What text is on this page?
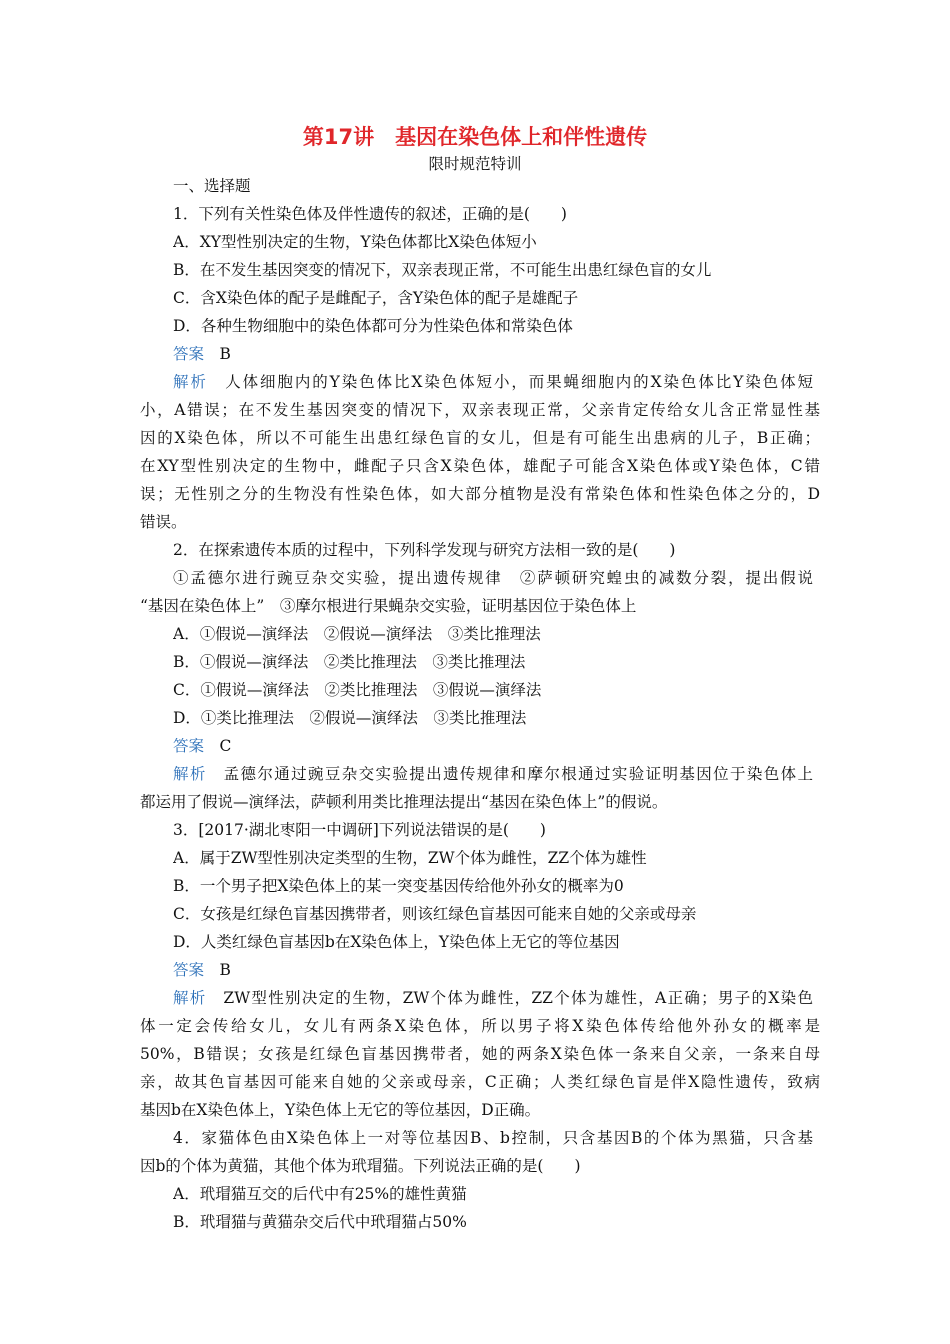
第17讲　基因在染色体上和伴性遗传
限时规范特训
一、选择题
1．下列有关性染色体及伴性遗传的叙述，正确的是(　　)
A．XY型性别决定的生物，Y染色体都比X染色体短小
B．在不发生基因突变的情况下，双亲表现正常，不可能生出患红绿色盲的女儿
C．含X染色体的配子是雌配子，含Y染色体的配子是雄配子
D．各种生物细胞中的染色体都可分为性染色体和常染色体
答案　 B
解析　 人体细胞内的Y染色体比X染色体短小，而果蝇细胞内的X染色体比Y染色体短
小，A错误；在不发生基因突变的情况下，双亲表现正常，父亲肯定传给女儿含正常显性基
因的X染色体，所以不可能生出患红绿色盲的女儿，但是有可能生出患病的儿子，B正确；
在XY型性别决定的生物中，雌配子只含X染色体，雄配子可能含X染色体或Y染色体，C错
误；无性别之分的生物没有性染色体，如大部分植物是没有常染色体和性染色体之分的，D
错误。
2．在探索遗传本质的过程中，下列科学发现与研究方法相一致的是(　　)
①孟德尔进行豌豆杂交实验，提出遗传规律　②萨顿研究蝗虫的减数分裂，提出假说
“基因在染色体上”　③摩尔根进行果蝇杂交实验，证明基因位于染色体上
A．①假说—演绎法　②假说—演绎法　③类比推理法
B．①假说—演绎法　②类比推理法　③类比推理法
C．①假说—演绎法　②类比推理法　③假说—演绎法
D．①类比推理法　②假说—演绎法　③类比推理法
答案　 C
解析　 孟德尔通过豌豆杂交实验提出遗传规律和摩尔根通过实验证明基因位于染色体上
都运用了假说—演绎法，萨顿利用类比推理法提出“基因在染色体上”的假说。
3．[2017·湖北枣阳一中调研]下列说法错误的是(　　)
A．属于ZW型性别决定类型的生物，ZW个体为雌性，ZZ个体为雄性
B．一个男子把X染色体上的某一突变基因传给他外孙女的概率为0
C．女孩是红绿色盲基因携带者，则该红绿色盲基因可能来自她的父亲或母亲
D．人类红绿色盲基因b在X染色体上，Y染色体上无它的等位基因
答案　 B
解析　 ZW型性别决定的生物，ZW个体为雌性，ZZ个体为雄性，A正确；男子的X染色
体一定会传给女儿，女儿有两条X染色体，所以男子将X染色体传给他外孙女的概率是
50%，B错误；女孩是红绿色盲基因携带者，她的两条X染色体一条来自父亲，一条来自母
亲，故其色盲基因可能来自她的父亲或母亲，C正确；人类红绿色盲是伴X隐性遗传，致病
基因b在X染色体上，Y染色体上无它的等位基因，D正确。
4．家猫体色由X染色体上一对等位基因B、b控制，只含基因B的个体为黑猫，只含基
因b的个体为黄猫，其他个体为玳瑁猫。下列说法正确的是(　　)
A．玳瑁猫互交的后代中有25%的雄性黄猫
B．玳瑁猫与黄猫杂交后代中玳瑁猫占50%
